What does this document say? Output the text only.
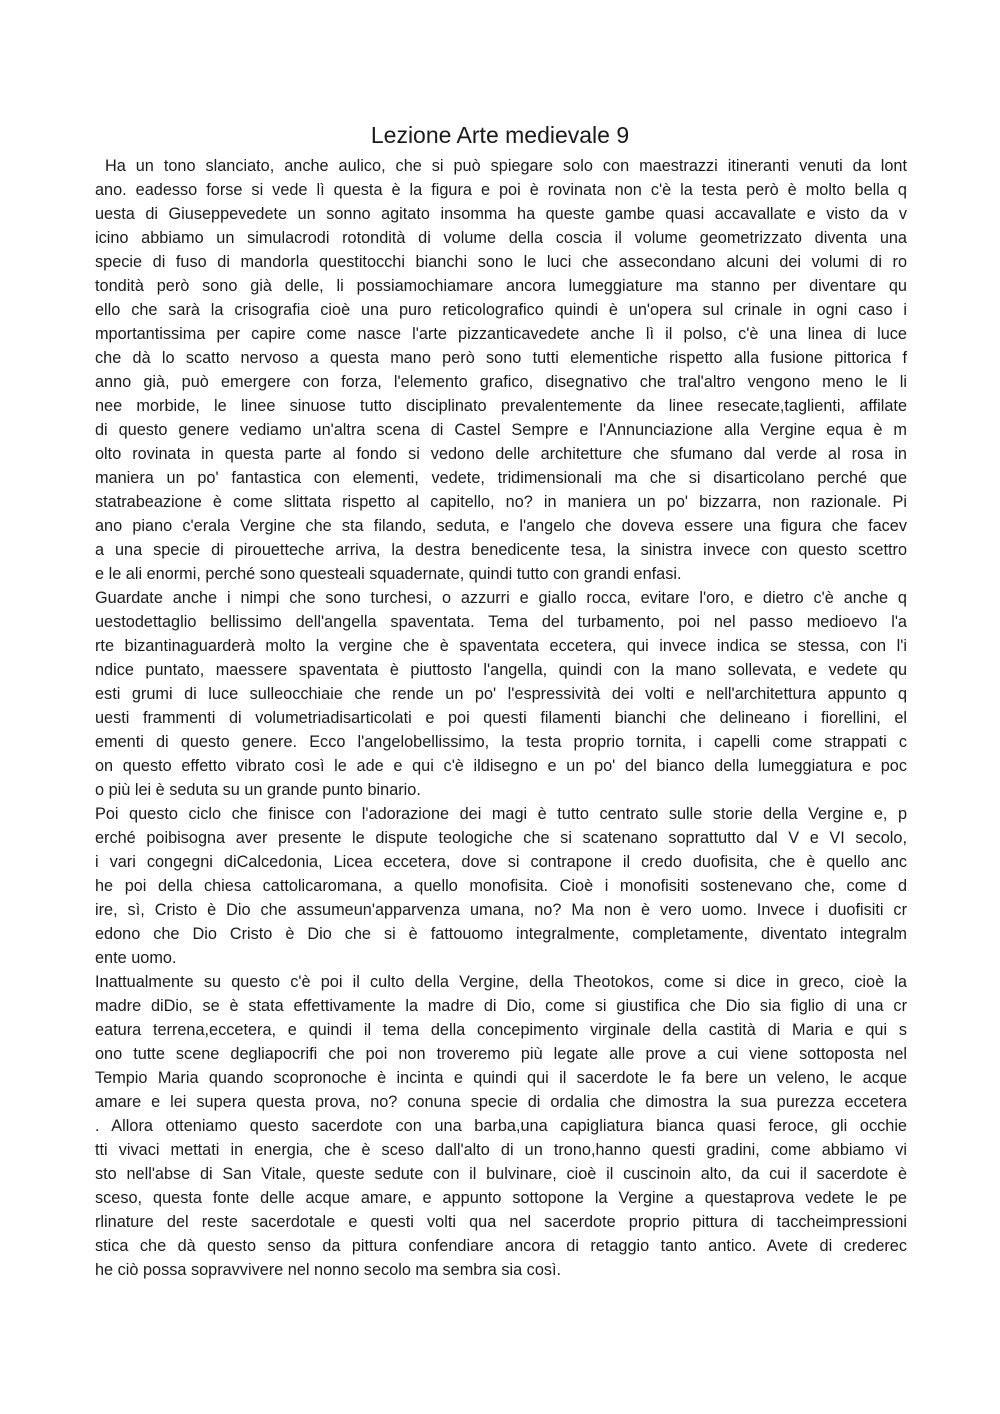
Lezione Arte medievale 9
Ha un tono slanciato, anche aulico, che si può spiegare solo con maestrazzi itineranti venuti da lont
ano. eadesso forse si vede lì questa è la figura e poi è rovinata non c'è la testa però è molto bella q
uesta di Giuseppevedete un sonno agitato insomma ha queste gambe quasi accavallate e visto da v
icino abbiamo un simulacrodi rotondità di volume della coscia il volume geometrizzato diventa una
specie di fuso di mandorla questitocchi bianchi sono le luci che assecondano alcuni dei volumi di ro
tondità però sono già delle, li possiamochiamare ancora lumeggiature ma stanno per diventare qu
ello che sarà la crisografia cioè una puro reticolografico quindi è un'opera sul crinale in ogni caso i
mportantissima per capire come nasce l'arte pizzanticavedete anche lì il polso, c'è una linea di luce
che dà lo scatto nervoso a questa mano però sono tutti elementiche rispetto alla fusione pittorica f
anno già, può emergere con forza, l'elemento grafico, disegnativo che tral'altro vengono meno le li
nee morbide, le linee sinuose tutto disciplinato prevalentemente da linee resecate,taglienti, affilate
di questo genere vediamo un'altra scena di Castel Sempre e l'Annunciazione alla Vergine equa è m
olto rovinata in questa parte al fondo si vedono delle architetture che sfumano dal verde al rosa in
maniera un po' fantastica con elementi, vedete, tridimensionali ma che si disarticolano perché que
statrabeazione è come slittata rispetto al capitello, no? in maniera un po' bizzarra, non razionale. Pi
ano piano c'erala Vergine che sta filando, seduta, e l'angelo che doveva essere una figura che facev
a una specie di pirouetteche arriva, la destra benedicente tesa, la sinistra invece con questo scettro
e le ali enormi, perché sono questeali squadernate, quindi tutto con grandi enfasi.
Guardate anche i nimpi che sono turchesi, o azzurri e giallo rocca, evitare l'oro, e dietro c'è anche q
uestodettaglio bellissimo dell'angella spaventata. Tema del turbamento, poi nel passo medioevo l'a
rte bizantinaguarderà molto la vergine che è spaventata eccetera, qui invece indica se stessa, con l'i
ndice puntato, maessere spaventata è piuttosto l'angella, quindi con la mano sollevata, e vedete qu
esti grumi di luce sulleocchiaie che rende un po' l'espressività dei volti e nell'architettura appunto q
uesti frammenti di volumetriadisarticolati e poi questi filamenti bianchi che delineano i fiorellini, el
ementi di questo genere. Ecco l'angelobellissimo, la testa proprio tornita, i capelli come strappati c
on questo effetto vibrato così le ade e qui c'è ildisegno e un po' del bianco della lumeggiatura e poc
o più lei è seduta su un grande punto binario.
Poi questo ciclo che finisce con l'adorazione dei magi è tutto centrato sulle storie della Vergine e, p
erché poibisogna aver presente le dispute teologiche che si scatenano soprattutto dal V e VI secolo,
i vari congegni diCalcedonia, Licea eccetera, dove si contrapone il credo duofisita, che è quello anc
he poi della chiesa cattolicaromana, a quello monofisita. Cioè i monofisiti sostenevano che, come d
ire, sì, Cristo è Dio che assumeun'apparvenza umana, no? Ma non è vero uomo. Invece i duofisiti cr
edono che Dio Cristo è Dio che si è fattouomo integralmente, completamente, diventato integralm
ente uomo.
Inattualmente su questo c'è poi il culto della Vergine, della Theotokos, come si dice in greco, cioè la
madre diDio, se è stata effettivamente la madre di Dio, come si giustifica che Dio sia figlio di una cr
eatura terrena,eccetera, e quindi il tema della concepimento virginale della castità di Maria e qui s
ono tutte scene degliapocrifi che poi non troveremo più legate alle prove a cui viene sottoposta nel
Tempio Maria quando scopronoche è incinta e quindi qui il sacerdote le fa bere un veleno, le acque
amare e lei supera questa prova, no? conuna specie di ordalia che dimostra la sua purezza eccetera
. Allora otteniamo questo sacerdote con una barba,una capigliatura bianca quasi feroce, gli occhie
tti vivaci mettati in energia, che è sceso dall'alto di un trono,hanno questi gradini, come abbiamo vi
sto nell'abse di San Vitale, queste sedute con il bulvinare, cioè il cuscinoin alto, da cui il sacerdote è
sceso, questa fonte delle acque amare, e appunto sottopone la Vergine a questaprova vedete le pe
rlinature del reste sacerdotale e questi volti qua nel sacerdote proprio pittura di taccheimpressioni
stica che dà questo senso da pittura confendiare ancora di retaggio tanto antico. Avete di crederec
he ciò possa sopravvivere nel nonno secolo ma sembra sia così.
